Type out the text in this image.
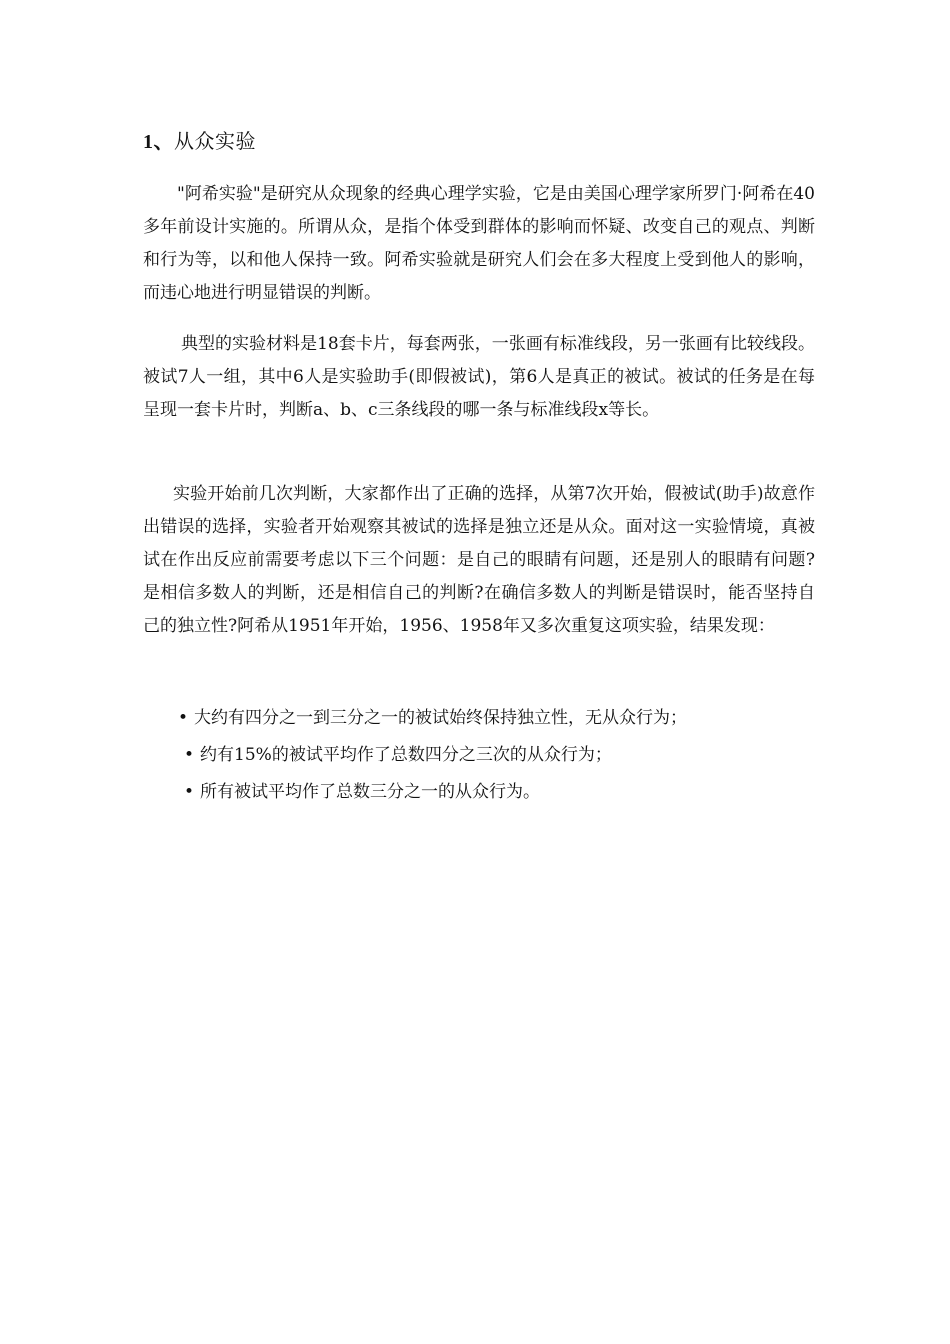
1、从众实验

"阿希实验"是研究从众现象的经典心理学实验，它是由美国心理学家所罗门·阿希在40多年前设计实施的。所谓从众，是指个体受到群体的影响而怀疑、改变自己的观点、判断和行为等，以和他人保持一致。阿希实验就是研究人们会在多大程度上受到他人的影响，而违心地进行明显错误的判断。

典型的实验材料是18套卡片，每套两张，一张画有标准线段，另一张画有比较线段。被试7人一组，其中6人是实验助手(即假被试)，第6人是真正的被试。被试的任务是在每呈现一套卡片时，判断a、b、c三条线段的哪一条与标准线段x等长。

实验开始前几次判断，大家都作出了正确的选择，从第7次开始，假被试(助手)故意作出错误的选择，实验者开始观察其被试的选择是独立还是从众。面对这一实验情境，真被试在作出反应前需要考虑以下三个问题：是自己的眼睛有问题，还是别人的眼睛有问题?是相信多数人的判断，还是相信自己的判断?在确信多数人的判断是错误时，能否坚持自己的独立性?阿希从1951年开始，1956、1958年又多次重复这项实验，结果发现：

• 大约有四分之一到三分之一的被试始终保持独立性，无从众行为；
• 约有15%的被试平均作了总数四分之三次的从众行为；
• 所有被试平均作了总数三分之一的从众行为。
